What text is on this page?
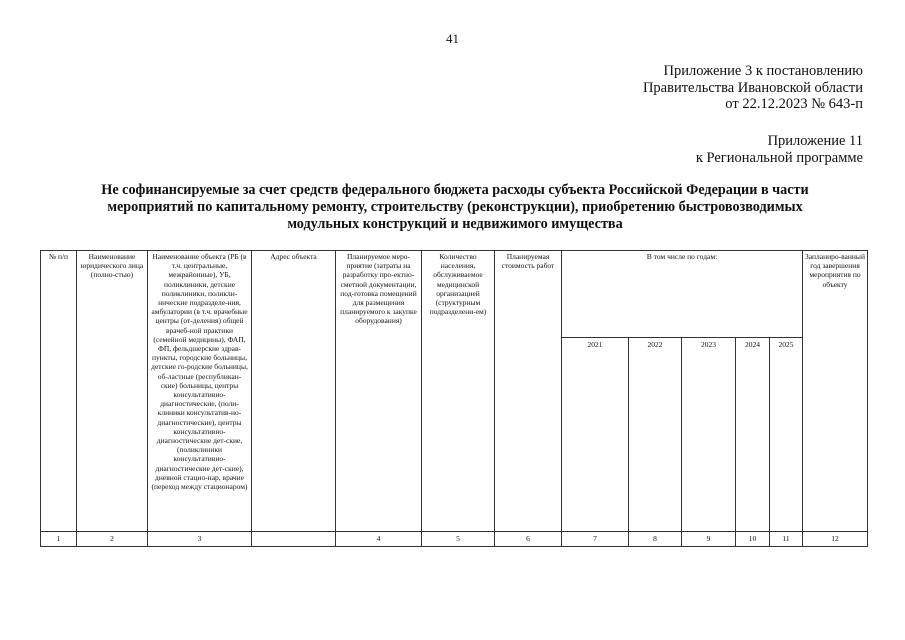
41
Приложение 3 к постановлению
Правительства Ивановской области
от 22.12.2023 № 643-п
Приложение 11
к Региональной программе
Не софинансируемые за счет средств федерального бюджета расходы субъекта Российской Федерации в части
мероприятий по капитальному ремонту, строительству (реконструкции), приобретению быстровозводимых
модульных конструкций и недвижимого имущества
№ п/п	Наименование юридического лица (полно-стью)	Наименование объекта (РБ (в т.ч. центральные, межрайонные), УБ, поликлиники, детские поликлиники, поликли-нические подразделе-ния, амбулатории (в т.ч. врачебные центры (от-деления) общей врачеб-ной практики (семейной медицины), ФАП, ФП, фельдшерские здрав-пункты, городские больницы, детские го-родские больницы, об-ластные (республикан-ские) больницы, центры консультативно-диагностические, (поли-клиники консультатив-но-диагностические), центры консультативно-диагностические дет-ские, (поликлиники консультативно-диагностические дет-ские), дневной стацио-нар, врачие (переход между стационаром)	Адрес объекта	Планируемое меро-приятие (затраты на разработку про-ектно-сметной документации, под-готовка помещений для размещения планируемого к закупке оборудования)	Количество населения, обслуживаемое медицинской организацией (структурным подразделени-ем)	Планируемая стоимость работ	В том числе по годам:					Запланиро-ванный год завершения мероприятия по объекту
							2021	2022	2023	2024	2025	
1	2	3		4	5	6	7	8	9	10	11	12
